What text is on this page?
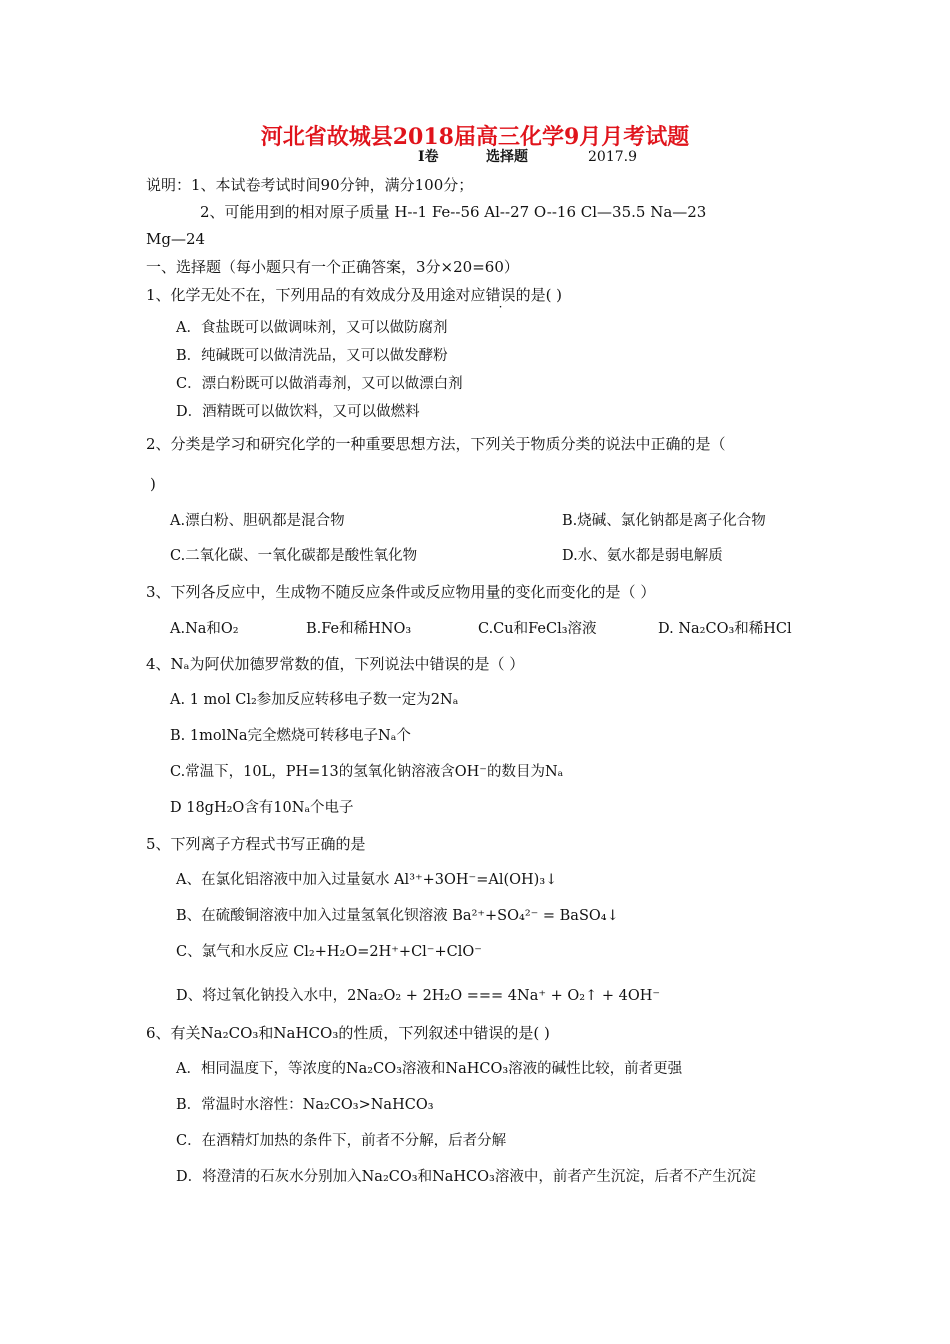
河北省故城县2018届高三化学9月月考试题
Ⅰ卷	选择题	2017.9
说明：1、本试卷考试时间90分钟，满分100分；
2、可能用到的相对原子质量 H--1 Fe--56 Al--27 O--16 Cl—35.5 Na—23
Mg—24
一、选择题（每小题只有一个正确答案，3分×20=60）
1、化学无处不在，下列用品的有效成分及用途对应错误的是( )
A．食盐既可以做调味剂，又可以做防腐剂
B．纯碱既可以做清洗品，又可以做发酵粉
C．漂白粉既可以做消毒剂，又可以做漂白剂
D．酒精既可以做饮料，又可以做燃料
2、分类是学习和研究化学的一种重要思想方法，下列关于物质分类的说法中正确的是（
)
A.漂白粉、胆矾都是混合物	B.烧碱、氯化钠都是离子化合物
C.二氧化碳、一氧化碳都是酸性氧化物	D.水、氨水都是弱电解质
3、下列各反应中，生成物不随反应条件或反应物用量的变化而变化的是（ ）
A.Na和O₂	B.Fe和稀HNO₃	C.Cu和FeCl₃溶液	D. Na₂CO₃和稀HCl
4、Nₐ为阿伏加德罗常数的值，下列说法中错误的是（ ）
A. 1 mol Cl₂参加反应转移电子数一定为2Nₐ
B. 1molNa完全燃烧可转移电子Nₐ个
C.常温下，10L，PH=13的氢氧化钠溶液含OH⁻的数目为Nₐ
D 18gH₂O含有10Nₐ个电子
5、下列离子方程式书写正确的是
A、在氯化铝溶液中加入过量氨水 Al³⁺+3OH⁻=Al(OH)₃↓
B、在硫酸铜溶液中加入过量氢氧化钡溶液 Ba²⁺+SO₄²⁻ = BaSO₄↓
C、氯气和水反应 Cl₂+H₂O=2H⁺+Cl⁻+ClO⁻
D、将过氧化钠投入水中，2Na₂O₂ + 2H₂O === 4Na⁺ + O₂↑ + 4OH⁻
6、有关Na₂CO₃和NaHCO₃的性质，下列叙述中错误的是( )
A．相同温度下，等浓度的Na₂CO₃溶液和NaHCO₃溶液的碱性比较，前者更强
B．常温时水溶性：Na₂CO₃>NaHCO₃
C．在酒精灯加热的条件下，前者不分解，后者分解
D．将澄清的石灰水分别加入Na₂CO₃和NaHCO₃溶液中，前者产生沉淀，后者不产生沉淀
